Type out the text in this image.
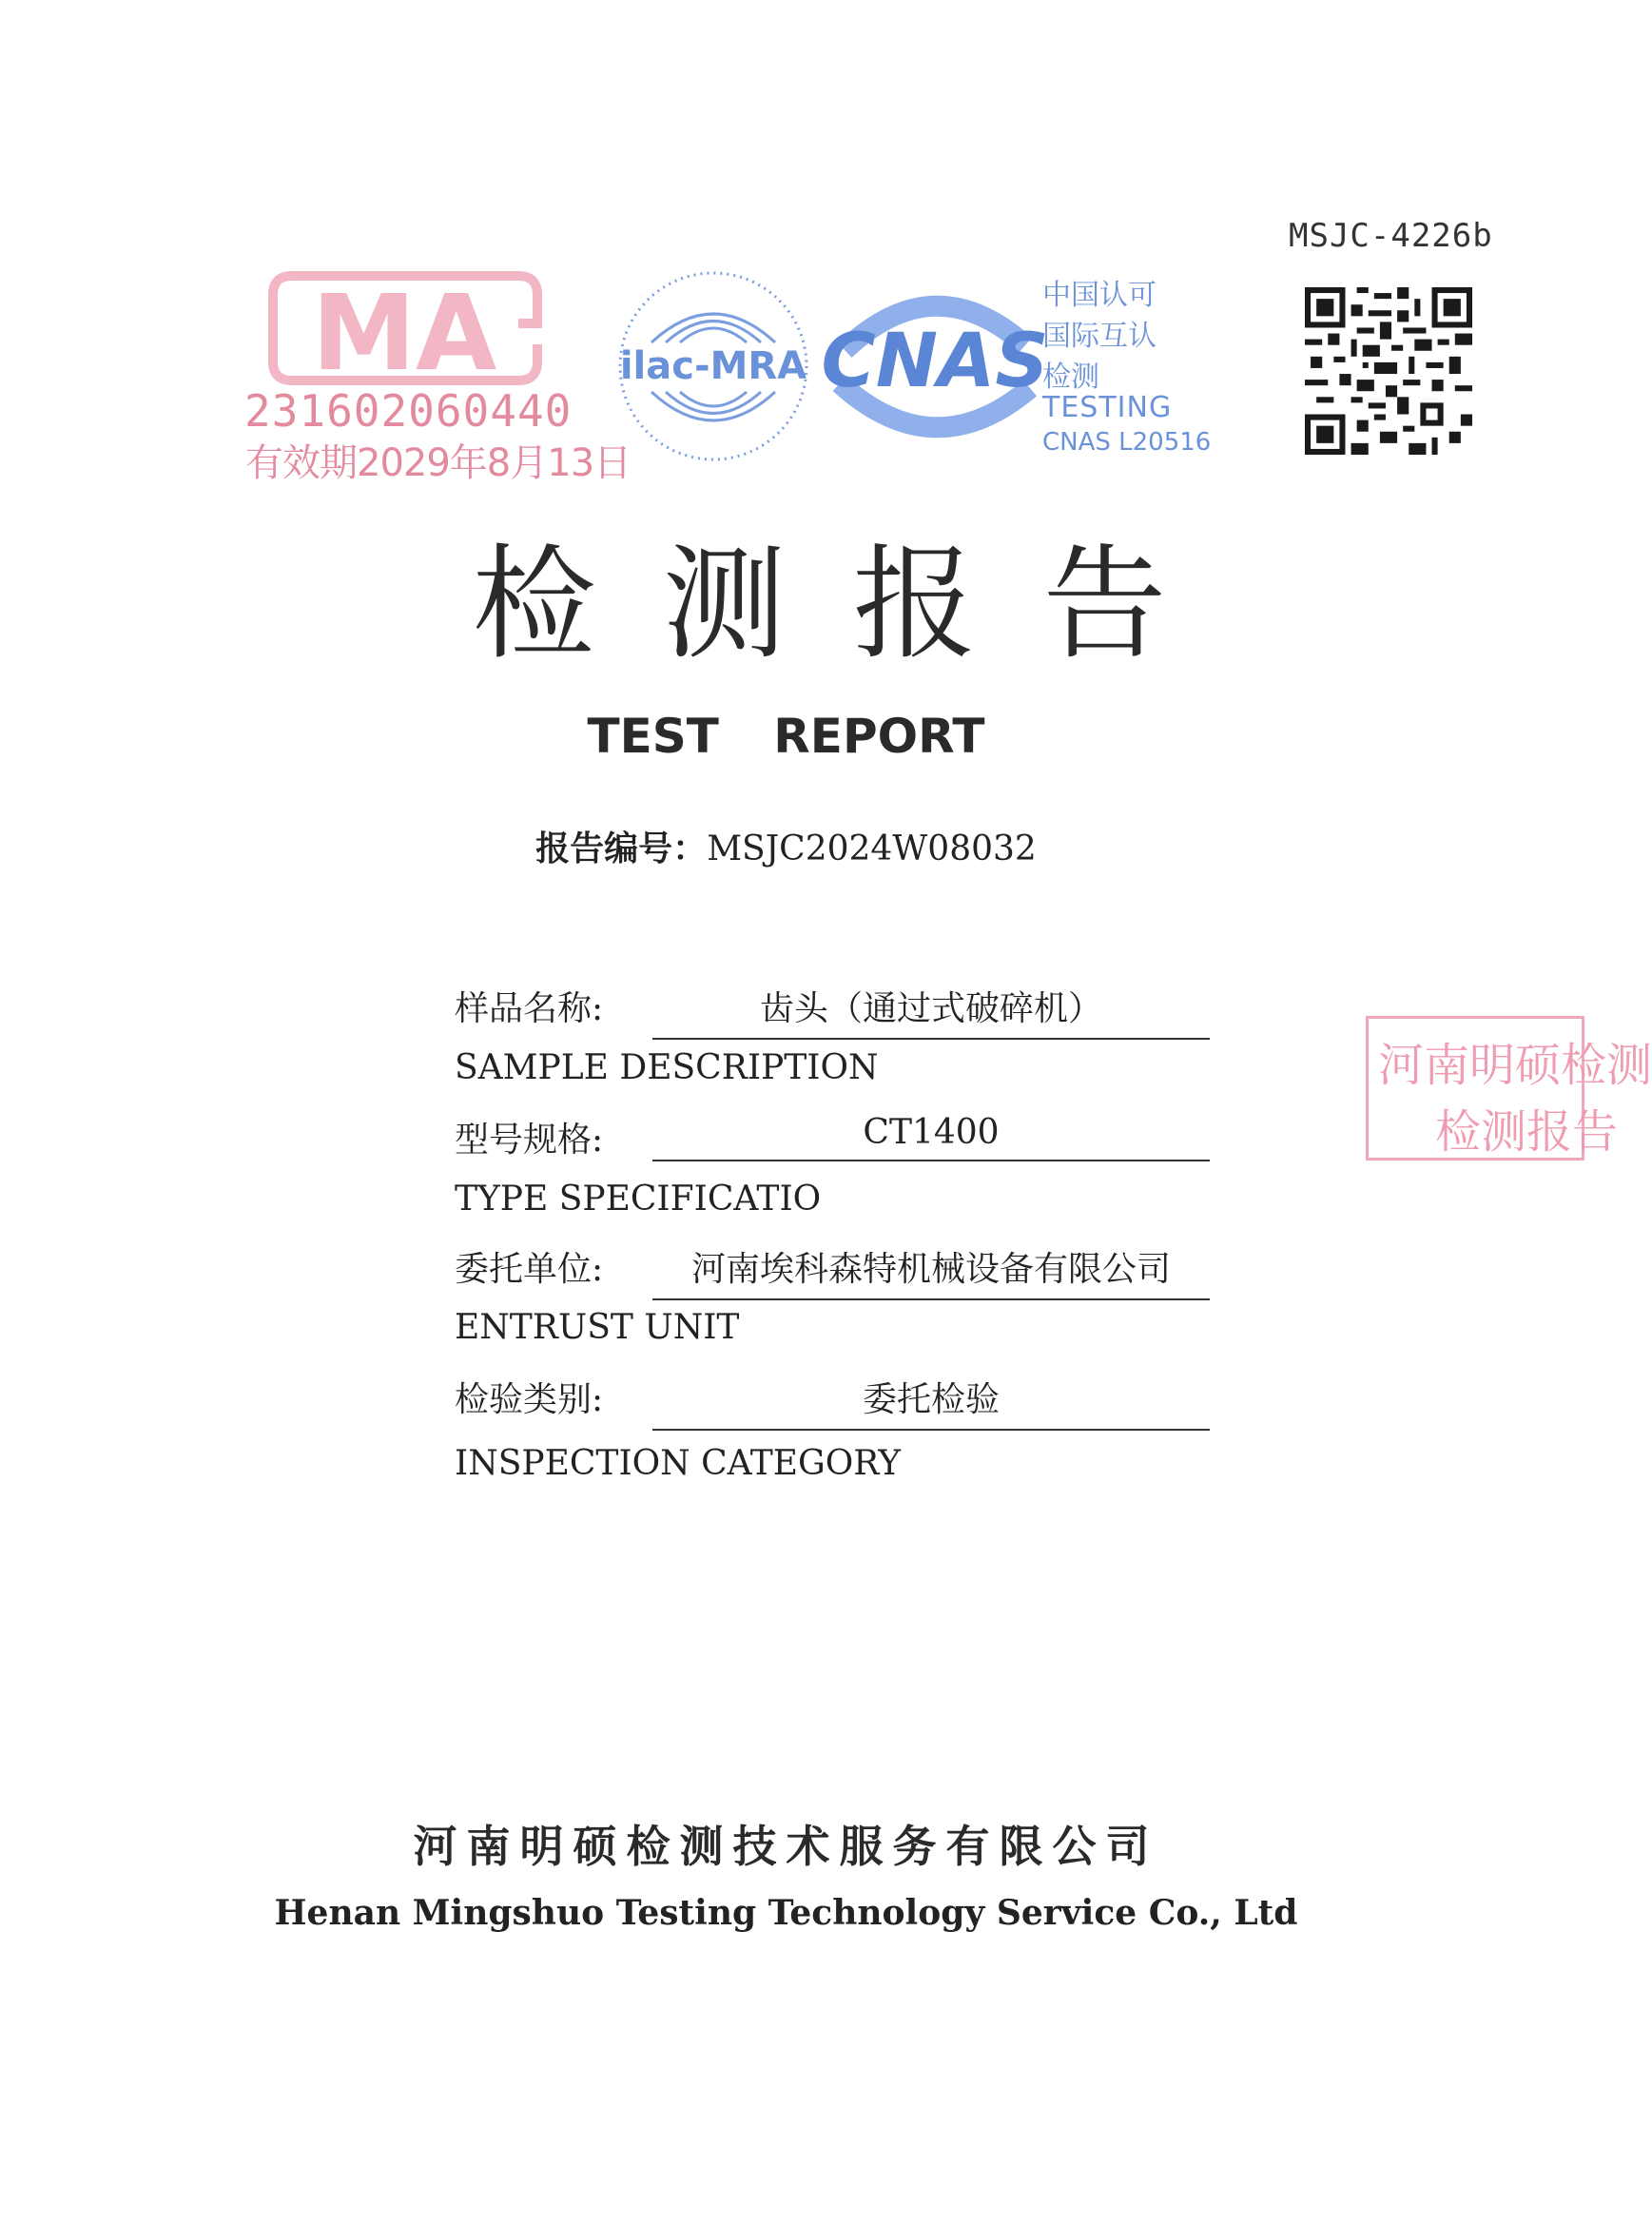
MSJC-4226b
MA
231602060440
有效期2029年8月13日
ilac-MRA CNAS
中国认可
国际互认
检测
TESTING
CNAS L20516
检测报告
TEST REPORT
报告编号：MSJC2024W08032
样品名称:	齿头（通过式破碎机）
SAMPLE DESCRIPTION
型号规格:	CT1400
TYPE SPECIFICATIO
委托单位:	河南埃科森特机械设备有限公司
ENTRUST UNIT
检验类别:	委托检验
INSPECTION CATEGORY
河南明硕检测
检测报告
河南明硕检测技术服务有限公司
Henan Mingshuo Testing Technology Service Co., Ltd
